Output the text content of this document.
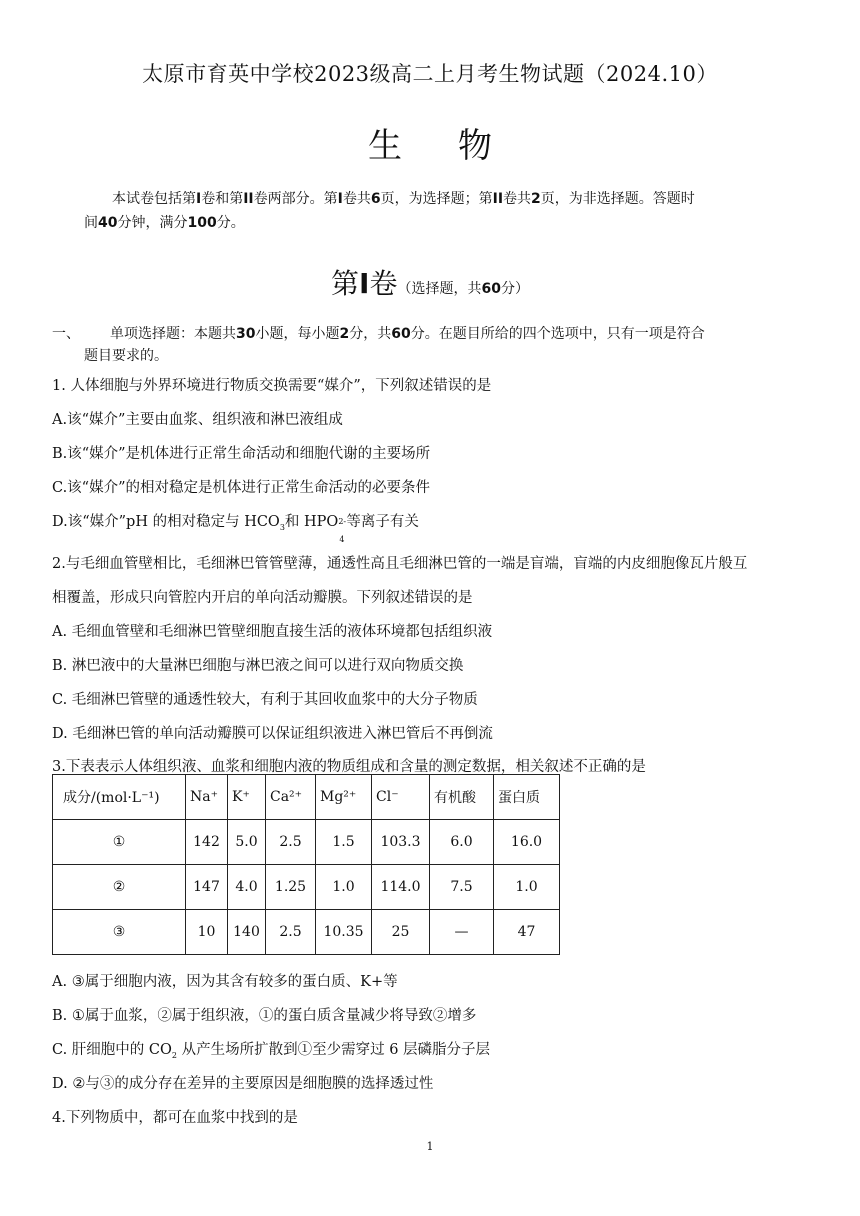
太原市育英中学校2023级高二上月考生物试题（2024.10）
生物
本试卷包括第I卷和第II卷两部分。第I卷共6页，为选择题；第II卷共2页，为非选择题。答题时
间40分钟，满分100分。
第I卷（选择题，共60分）
一、 单项选择题：本题共30小题，每小题2分，共60分。在题目所给的四个选项中，只有一项是符合
题目要求的。
1. 人体细胞与外界环境进行物质交换需要“媒介”，下列叙述错误的是
A.该“媒介”主要由血浆、组织液和淋巴液组成
B.该“媒介”是机体进行正常生命活动和细胞代谢的主要场所
C.该“媒介”的相对稳定是机体进行正常生命活动的必要条件
D.该“媒介”pH 的相对稳定与 $HCO_3$和 HPO 2-
4
等离子有关
2.与毛细血管壁相比，毛细淋巴管管壁薄，通透性高且毛细淋巴管的一端是盲端，盲端的内皮细胞像瓦片般互
相覆盖，形成只向管腔内开启的单向活动瓣膜。下列叙述错误的是
A. 毛细血管壁和毛细淋巴管壁细胞直接生活的液体环境都包括组织液
B. 淋巴液中的大量淋巴细胞与淋巴液之间可以进行双向物质交换
C. 毛细淋巴管壁的通透性较大，有利于其回收血浆中的大分子物质
D. 毛细淋巴管的单向活动瓣膜可以保证组织液进入淋巴管后不再倒流
3.下表表示人体组织液、血浆和细胞内液的物质组成和含量的测定数据，相关叙述不正确的是
成分/(mol·L⁻¹)	Na⁺	K⁺	Ca²⁺	Mg²⁺	Cl⁻	有机酸	蛋白质
①	142	5.0	2.5	1.5	103.3	6.0	16.0
②	147	4.0	1.25	1.0	114.0	7.5	1.0
③	10	140	2.5	10.35	25	—	47
A. ③属于细胞内液，因为其含有较多的蛋白质、K+等
B. ①属于血浆，②属于组织液，①的蛋白质含量减少将导致②增多
C. 肝细胞中的 $CO_2$ 从产生场所扩散到①至少需穿过 6 层磷脂分子层
D. ②与③的成分存在差异的主要原因是细胞膜的选择透过性
4.下列物质中，都可在血浆中找到的是
1
